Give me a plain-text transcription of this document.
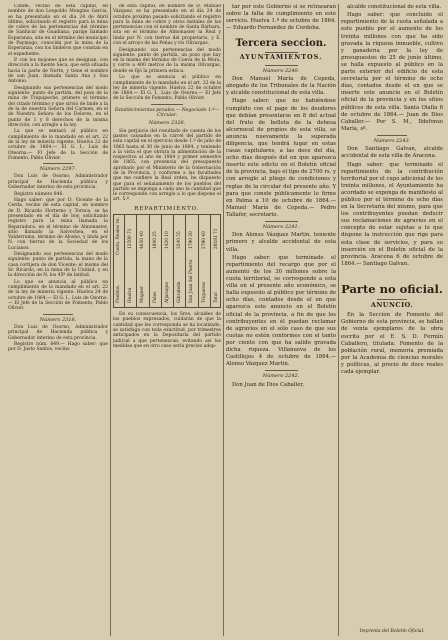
Conde, vecino de esta capital, en nombre de don Leopoldo Mongino Garcia, se ha presentado en el dia 24 de Abril último, solicitando el registro para la mina de cobre de las pertenencias del término de Sanlúcar de Guadiana, paraje llamado Esperanza, sita en el término del municipio de Paymogo, conocida por la mina de la Esperanza, con los linderos que constan en el expediente.

P. con los mojones que se designan, con dirección a la fuente Seca, que está situada hacia la parte de Norte, y tiene el nombre de san Juan, llamada Santa Ana y San Antonio.

Designando sus pertenencias del modo siguiente: punto de partida, del pozo de la mina de Triquipeche, primero el término del citado término y que sirvió de linde a la de la de nuestra Señora del Carmen, en el de Nuestra Señora de los Dolores, en el punto de 1 y 8 derechos de la misma dirección, con arreglo a la ley.

La que se sentará al público en cumplimiento de lo mandado en el art. 22 de la ley de minería vigente. Huelva 22 de octubre de 1864.— El G. I., Luis de Oteorna.— Fl Jefe de la Sección de Fomento, Pablo Olivier.

Número 2297.

Don Luis de Osorno, Administrador principal de Hacienda pública y Gobernador interino de esta provincia.

Registro número 846.

Hago saber: que por D. Vicente de la Cerda, vecino de esta capital, en nombre de D. Ricardo Horterno y Tornos, se ha presentado en el día de hoy, solicitando registro para la mina llamada la Reparadora, en el término de Almonaster, sitio llamado la Salvochea, en el Valderrama, término de Alosno, y linda por N. con tierras de la Sociedad de los Lucianos.

Designando sus pertenencias del modo siguiente: punto de partida, la mano de la casa cortijera de don Vicente; el mismo del Sr. Ricardo, en la mina de la Unidad, y en la dirección de N. los 45º de latitud.

Lo que se anuncia al público en cumplimiento de lo mandado en el art. 22 de la ley de minería vigente. Huelva 24 de octubre de 1864.— El G. I., Luis de Osorno.— El Jefe de la Sección de Fomento, Pablo Olivier.

Número 2318.

Don Luis de Osorno, Administrador principal de Hacienda pública y Gobernador interino de esta provincia.

Registro núm. 849.— Hago saber: que por D. Justo Santos, vecino

de esta capital, en nombre de D. Manuel Vázquez, se ha presentado en el día 24 de octubre próximo pasado solicitando el registro para la mina de cobre y otros metales de las pertenencias con el nombre de Santa Bárbara, sita en el término de Almonaster la Real y linda por N. con tierras del propietario, y E. con el arroyo de las Peñas y río Olivargas.

Designando sus pertenencias del modo siguiente: punto de partida, un pozo que hay en la misma del término de Cueva de la Mora, y corre a 400 metros de la misma Olivargas, donde se fijó la primera estaca.

Lo que se anuncia al público en cumplimiento de lo mandado en el art. 22 de la ley de minería vigente. Huelva 22 de octubre de 1864.— El G. I., Luis de Osorno.— El Jefe de la Sección de Fomento, Pablo Olivier.

Establecimientos penales.— Negociado 1.º— Circular.
Número 2328.

Sin perjuicio del resultado de cuenta de los gastos causados en la cárcel del partido de esta capital en el ejercicio desde 1.º de julio de 1863 hasta el 30 de junio de 1864, y teniendo a la vista el que obrara la alimentación de la respectiva al año de 1864 y primer semestre de 1865, con presencia del presupuesto aprobado por el Ministerio de la Gobernación de la Provincia, y conforme a las facultades que me confiere la Real orden, he dispuesto que para el señalamiento de los pueblos del partido se imponga a cada uno la cantidad que le corresponde con arreglo a lo que dispone el art. 5.º.

REPARTIMIENTO.
Pueblos.
Cuota. Reales vn.
Huelva
12500 71
Moguer
4650 40
Palos
1800 25
Aljaraque
1420 10
Gibraleón
3240 55
San Juan del Puerto
1790 30
Trigueros
2780 40
Total
28181 71

En su consecuencia, los Sres. alcaldes de los pueblos expresados, cuidarán de que la cantidad que les corresponda se ha localizado, se satisfaga con toda exactitud, por trimestres anticipados en la Depositaría del partido judicial a que pertenezcan, evitando así las medidas que en otro caso sería preciso adop-

tar por este Gobierno si se retrasaran sobre la falta de cumplimiento en este servicio. Huelva 1.º de octubre de 1864.— Eduardo Fernandez de Cordoba.

Tercera seccion.
AYUNTAMIENTOS.
Número 2240.

Don Manuel María de Cepeda, abogado de los Tribunales de la Nación y alcalde constitucional de esta villa.

Hago saber: que no habiéndose cumplido con el pago de los deudores que debían presentarse en 8 del actual del fruto de bellota de la dehesa alcornocal de propios de esta villa, se anuncia nuevamente la superada diligencia, que tendrá lugar en estas casas capitulares, a las doce del día, ocho días después del en que aparezca inserto este edicto en el Boletín oficial de la provincia, bajo el tipo de 2700 rs. y con arreglo al pliego de condiciones y reglas de la circular del presente año. Y para que conste públicamente lo firmo en Palma a 10 de octubre de 1864.— Manuel María de Cepeda.— Pedro Tallafer, secretario.

Número 2241.

Don Alonso Vázquez Martin, teniente primero y alcalde accidental de esta villa.

Hago saber: que terminado el repartimiento del recargo que por el aumento de los 30 millones sobre la cuota territorial, se corresponde a esta villa en el presente año económico, se halla expuesto al público por término de ocho días, contados desde el en que aparezca este anuncio en el Boletín oficial de la provincia, a fin de que los contribuyentes en él puedan reclamar de agravios en el sólo caso de que sus cuotas no estén conformes con el tanto por ciento con que ha salido gravada dicha riqueza. Villanueva de los Castillejos 4 de octubre de 1864.— Alonso Vázquez Martin.

Número 2242.

Don Juan de Dios Caballer,

alcalde constitucional de esta villa.

Hago saber: que concluido el repartimiento de la cuota señalada a este pueblo por el aumento de los treinta millones con que ha sido gravada la riqueza inmueble, cultivo y ganadería por la ley de presupuestos de 25 de junio último, se halla expuesto al público en la parte exterior del edificio de esta secretaría por el término de ocho días, contados desde el en que se inserte este anuncio en el Boletín oficial de la provincia y en los sitios públicos de esta villa. Santa Olalla 6 de octubre de 1864.— Juan de Dios Caballer.— Por S. M., Ildefonso María, sº.

Número 2243.

Don Santiago Galvan, alcalde accidental de esta villa de Aracena.

Hago saber: que terminado el repartimiento de la contribución territorial por el cupo adicional de los treinta millones, el Ayuntamiento ha acordado se exponga de manifiesto al público por el término de ocho días en la Secretaría del mismo, para que los contribuyentes puedan deducir sus reclamaciones de agravios en el concepto de estar sujetas a lo que dispone la instrucción que rige para esta clase de servicios, y para su inserción en el Boletín oficial de la provincia. Aracena 6 de octubre de 1864.— Santiago Galvan.

Parte no oficial.
ANUNCIO.

En la Seccion de Fomento del Gobierno de esta provincia, se hallan de venta ejemplares de la obra escrita por el E. S. D. Fermín Caballero, titulada: Fomento de la población rural, memoria premiada por la Academia de ciencias morales y políticas, al precio de doce reales cada ejemplar.

Imprenta del Boletín Oficial.
